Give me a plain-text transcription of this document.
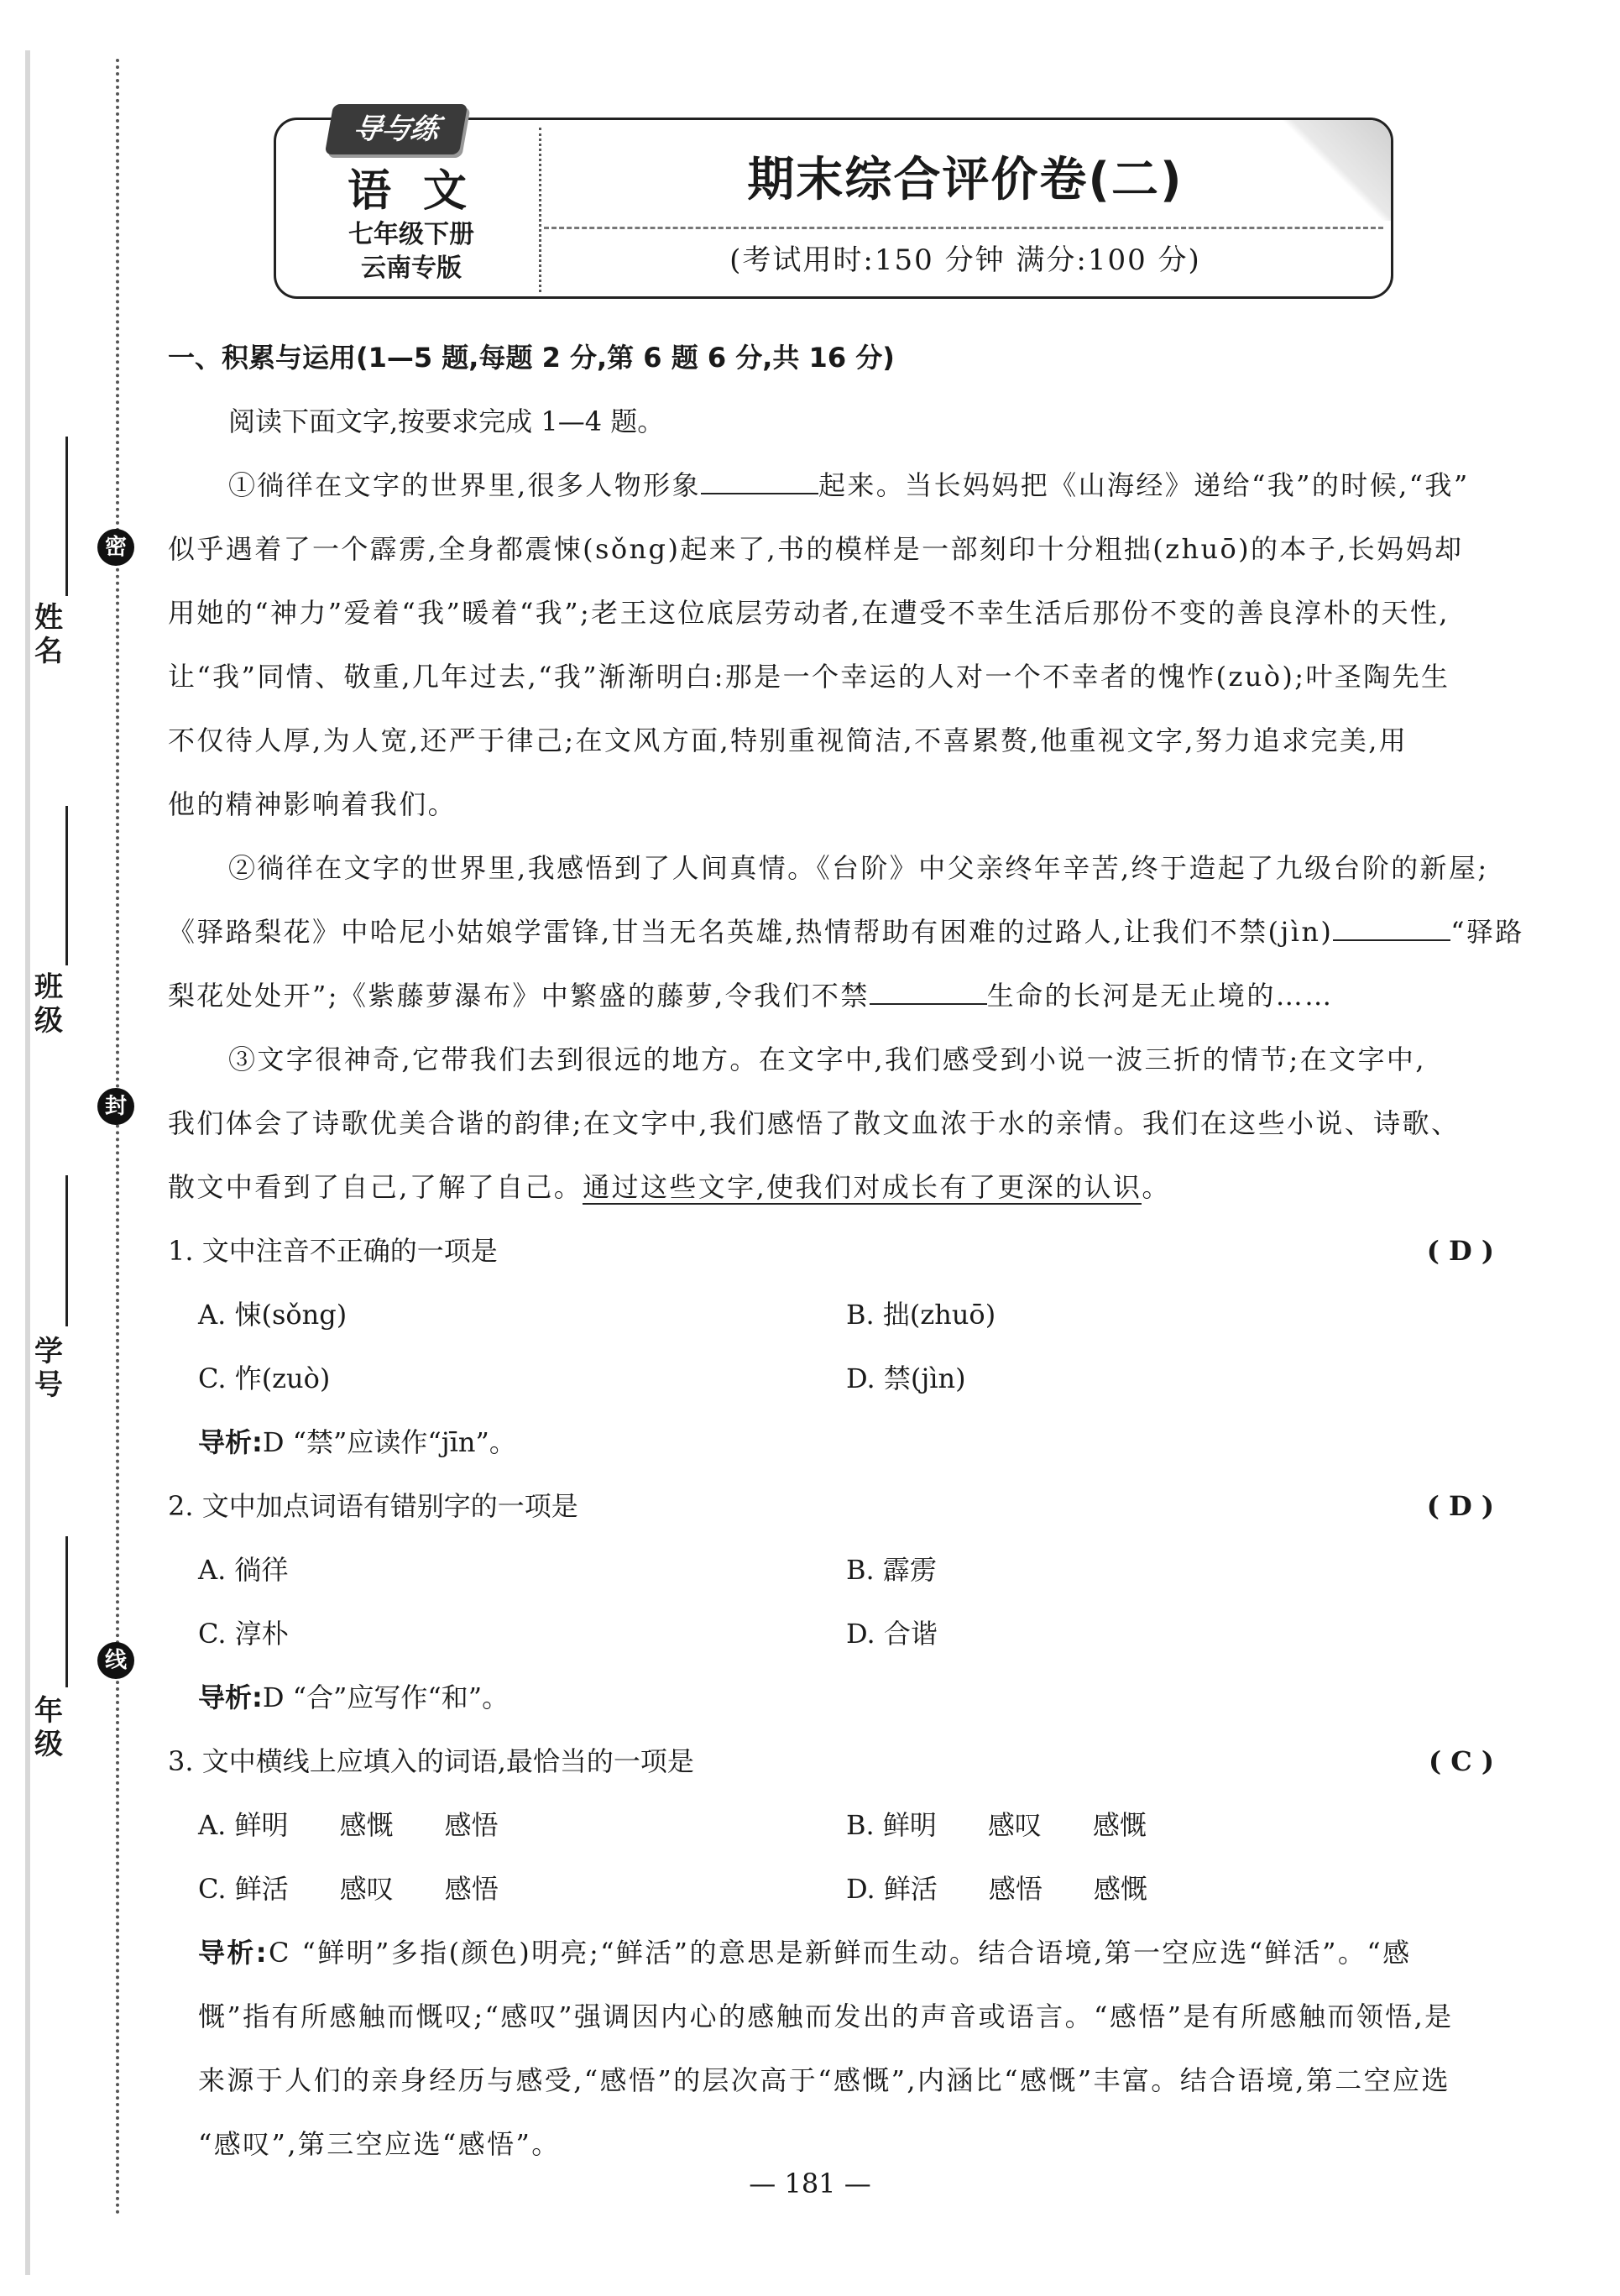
密
封
线
姓
名
班
级
学
号
年
级
导与练
语 文
七年级下册
云南专版
期末综合评价卷(二)
(考试用时:150 分钟 满分:100 分)
一、积累与运用(1—5 题,每题 2 分,第 6 题 6 分,共 16 分)
阅读下面文字,按要求完成 1—4 题。
①徜徉在文字的世界里,很多人物形象	起来。当长妈妈把《山海经》递给“我”的时候,“我”
似乎遇着了一个霹雳,全身都震悚(sǒng)起来了,书的模样是一部刻印十分粗拙(zhuō)的本子,长妈妈却
用她的“神力”爱着“我”暖着“我”;老王这位底层劳动者,在遭受不幸生活后那份不变的善良淳朴的天性,
让“我”同情、敬重,几年过去,“我”渐渐明白:那是一个幸运的人对一个不幸者的愧怍(zuò);叶圣陶先生
不仅待人厚,为人宽,还严于律己;在文风方面,特别重视简洁,不喜累赘,他重视文字,努力追求完美,用
他的精神影响着我们。
②徜徉在文字的世界里,我感悟到了人间真情。《台阶》中父亲终年辛苦,终于造起了九级台阶的新屋;
《驿路梨花》中哈尼小姑娘学雷锋,甘当无名英雄,热情帮助有困难的过路人,让我们不禁(jìn)	“驿路
梨花处处开”;《紫藤萝瀑布》中繁盛的藤萝,令我们不禁	生命的长河是无止境的……
③文字很神奇,它带我们去到很远的地方。在文字中,我们感受到小说一波三折的情节;在文字中,
我们体会了诗歌优美合谐的韵律;在文字中,我们感悟了散文血浓于水的亲情。我们在这些小说、诗歌、
散文中看到了自己,了解了自己。通过这些文字,使我们对成长有了更深的认识。
1. 文中注音不正确的一项是	( D )
A. 悚(sǒng)	B. 拙(zhuō)
C. 怍(zuò)	D. 禁(jìn)
导析:D “禁”应读作“jīn”。
2. 文中加点词语有错别字的一项是	( D )
A. 徜徉	B. 霹雳
C. 淳朴	D. 合谐
导析:D “合”应写作“和”。
3. 文中横线上应填入的词语,最恰当的一项是	( C )
A. 鲜明      感慨      感悟	B. 鲜明      感叹      感慨
C. 鲜活      感叹      感悟	D. 鲜活      感悟      感慨
导析:C “鲜明”多指(颜色)明亮;“鲜活”的意思是新鲜而生动。结合语境,第一空应选“鲜活”。“感
慨”指有所感触而慨叹;“感叹”强调因内心的感触而发出的声音或语言。“感悟”是有所感触而领悟,是
来源于人们的亲身经历与感受,“感悟”的层次高于“感慨”,内涵比“感慨”丰富。结合语境,第二空应选
“感叹”,第三空应选“感悟”。
— 181 —
